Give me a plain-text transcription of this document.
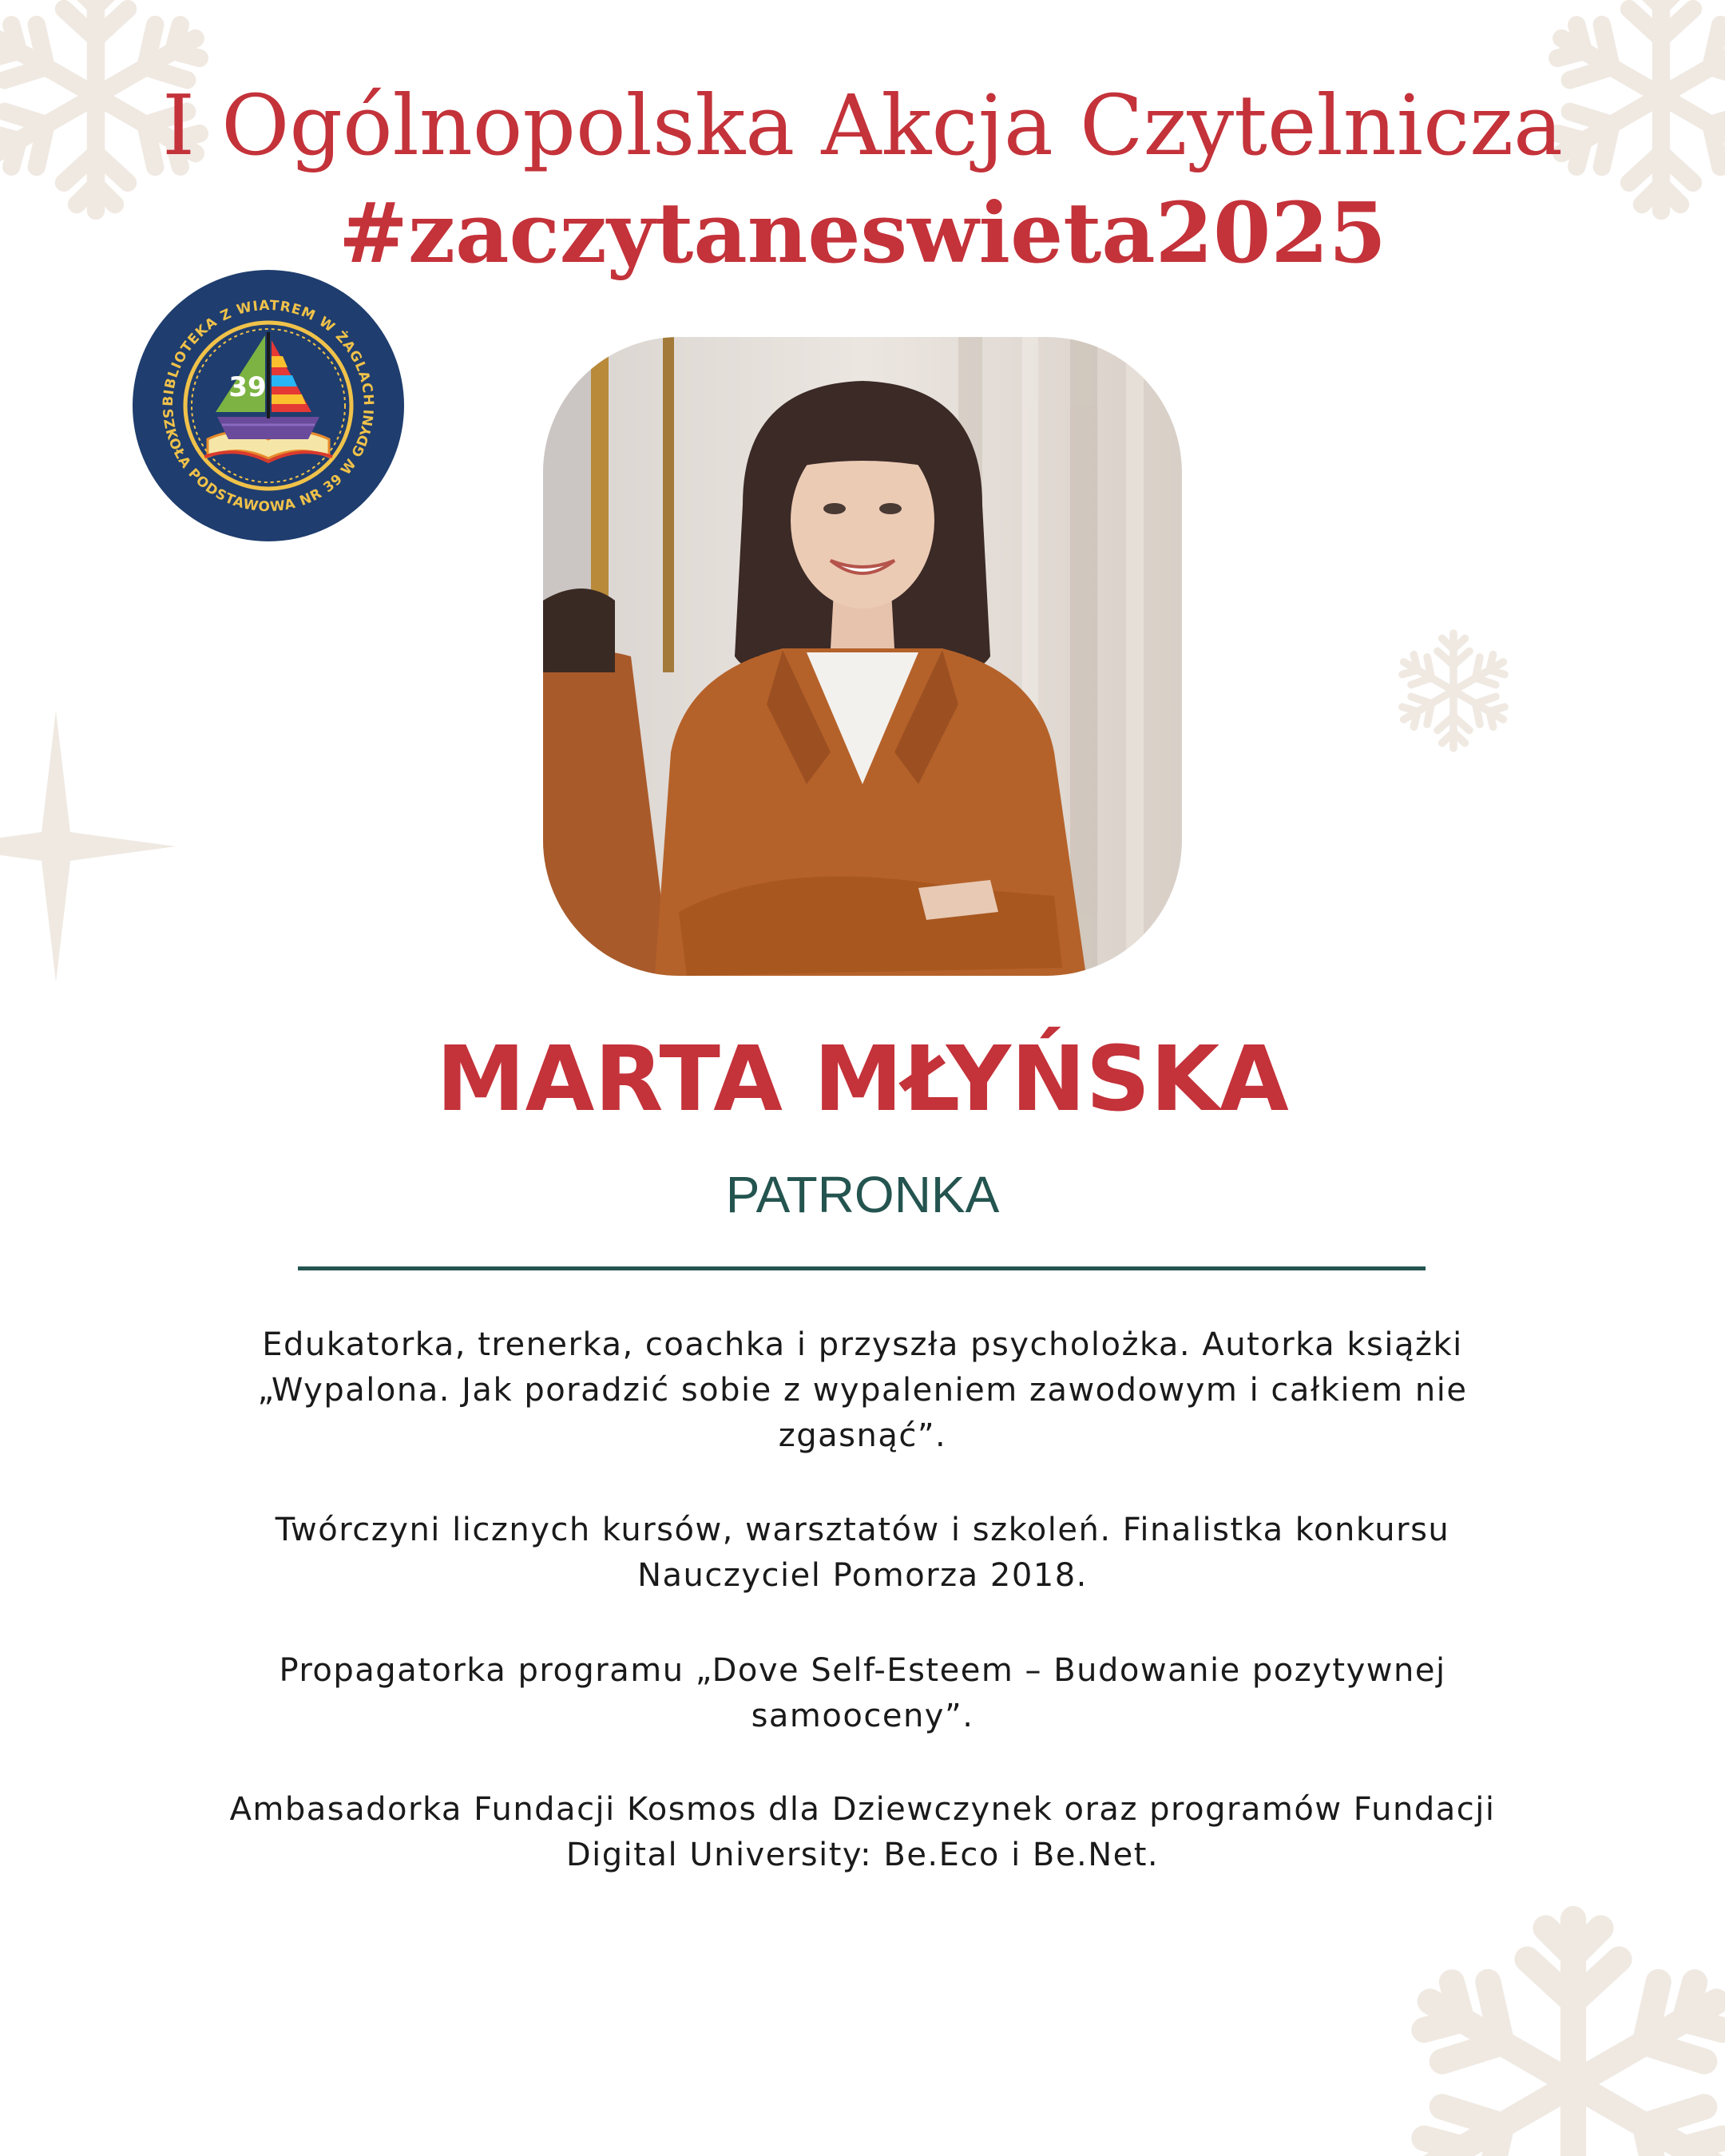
I Ogólnopolska Akcja Czytelnicza
#zaczytaneswieta2025
BIBLIOTEKA Z WIATREM W ŻAGLACH
SZKOŁA PODSTAWOWA NR 39 W GDYNI
39
MARTA MŁYŃSKA
PATRONKA
Edukatorka, trenerka, coachka i przyszła psycholożka. Autorka książki
„Wypalona. Jak poradzić sobie z wypaleniem zawodowym i całkiem nie
zgasnąć”.
Twórczyni licznych kursów, warsztatów i szkoleń. Finalistka konkursu
Nauczyciel Pomorza 2018.
Propagatorka programu „Dove Self-Esteem – Budowanie pozytywnej
samooceny”.
Ambasadorka Fundacji Kosmos dla Dziewczynek oraz programów Fundacji
Digital University: Be.Eco i Be.Net.
